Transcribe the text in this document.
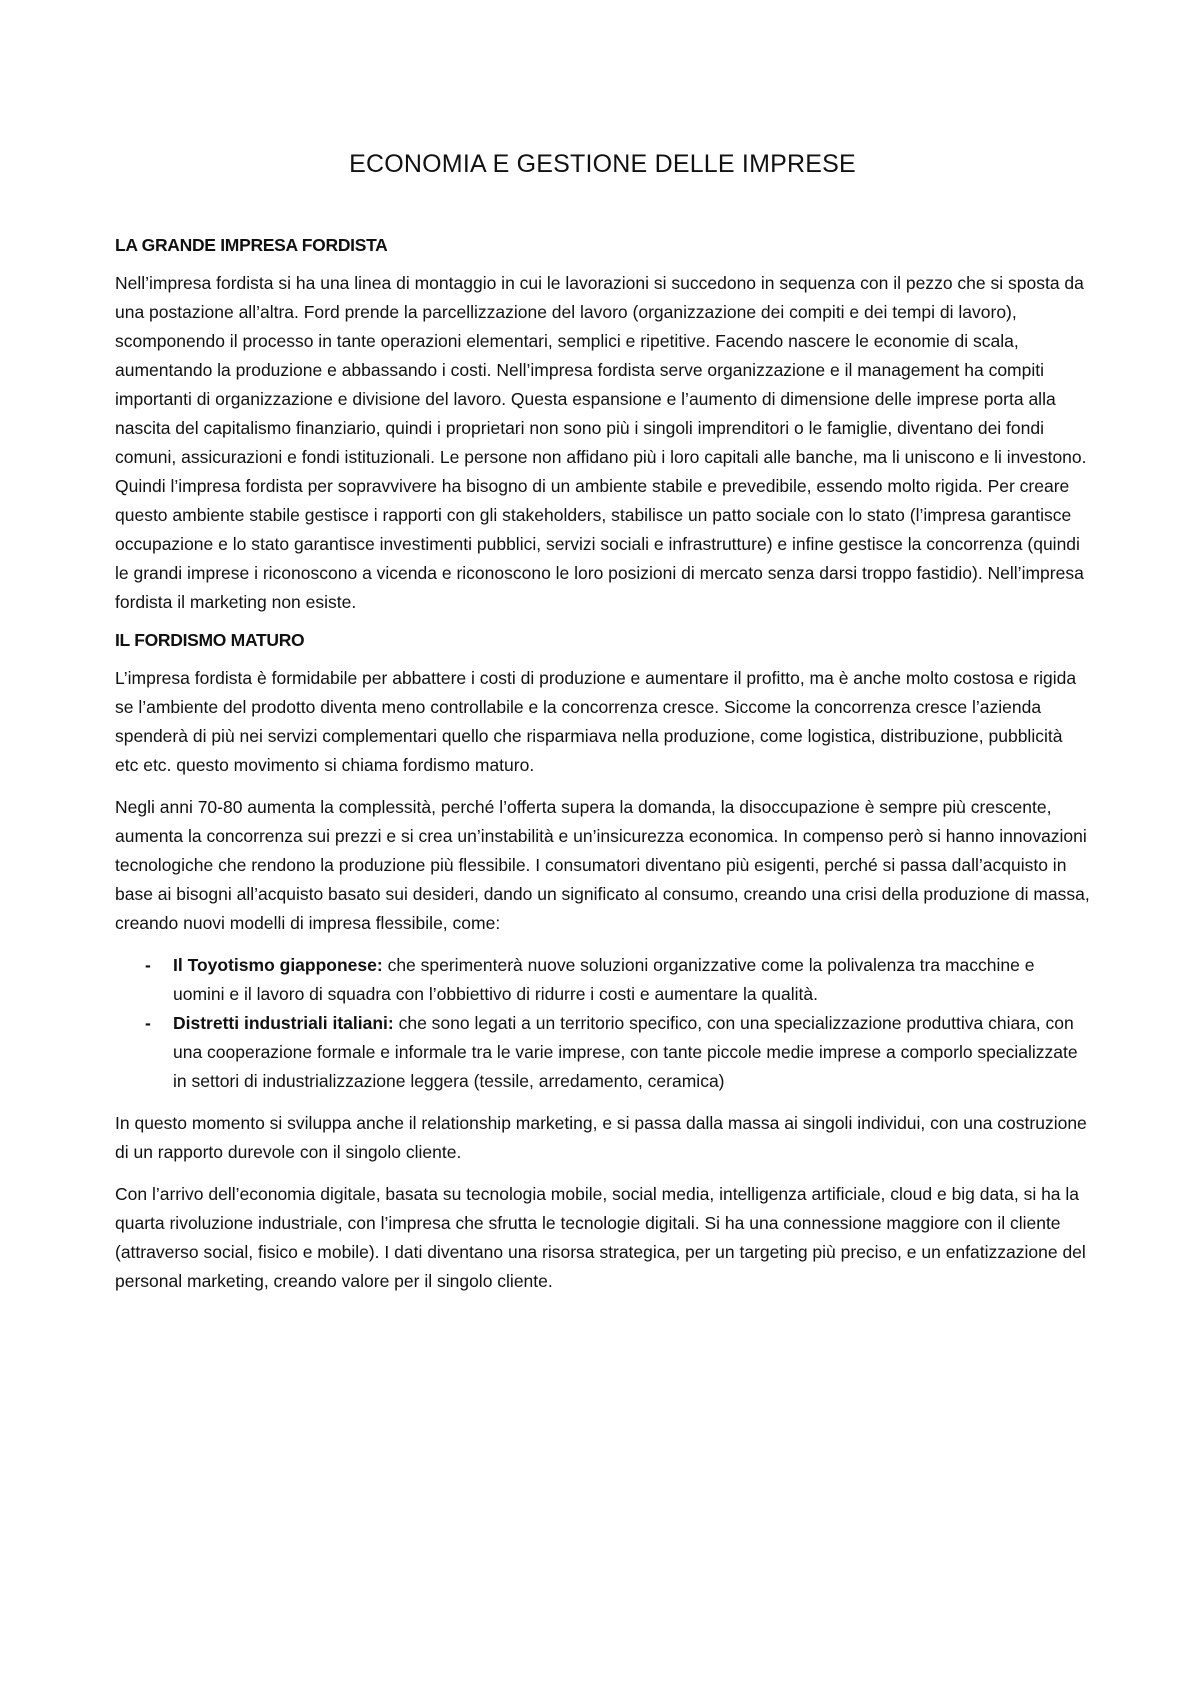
ECONOMIA E GESTIONE DELLE IMPRESE
LA GRANDE IMPRESA FORDISTA

Nell’impresa fordista si ha una linea di montaggio in cui le lavorazioni si succedono in sequenza con il pezzo che si sposta da una postazione all’altra. Ford prende la parcellizzazione del lavoro (organizzazione dei compiti e dei tempi di lavoro), scomponendo il processo in tante operazioni elementari, semplici e ripetitive. Facendo nascere le economie di scala, aumentando la produzione e abbassando i costi. Nell’impresa fordista serve organizzazione e il management ha compiti importanti di organizzazione e divisione del lavoro. Questa espansione e l’aumento di dimensione delle imprese porta alla nascita del capitalismo finanziario, quindi i proprietari non sono più i singoli imprenditori o le famiglie, diventano dei fondi comuni, assicurazioni e fondi istituzionali. Le persone non affidano più i loro capitali alle banche, ma li uniscono e li investono. Quindi l’impresa fordista per sopravvivere ha bisogno di un ambiente stabile e prevedibile, essendo molto rigida. Per creare questo ambiente stabile gestisce i rapporti con gli stakeholders, stabilisce un patto sociale con lo stato (l’impresa garantisce occupazione e lo stato garantisce investimenti pubblici, servizi sociali e infrastrutture) e infine gestisce la concorrenza (quindi le grandi imprese i riconoscono a vicenda e riconoscono le loro posizioni di mercato senza darsi troppo fastidio). Nell’impresa fordista il marketing non esiste.

IL FORDISMO MATURO

L’impresa fordista è formidabile per abbattere i costi di produzione e aumentare il profitto, ma è anche molto costosa e rigida se l’ambiente del prodotto diventa meno controllabile e la concorrenza cresce. Siccome la concorrenza cresce l’azienda spenderà di più nei servizi complementari quello che risparmiava nella produzione, come logistica, distribuzione, pubblicità etc etc. questo movimento si chiama fordismo maturo.

Negli anni 70-80 aumenta la complessità, perché l’offerta supera la domanda, la disoccupazione è sempre più crescente, aumenta la concorrenza sui prezzi e si crea un’instabilità e un’insicurezza economica. In compenso però si hanno innovazioni tecnologiche che rendono la produzione più flessibile. I consumatori diventano più esigenti, perché si passa dall’acquisto in base ai bisogni all’acquisto basato sui desideri, dando un significato al consumo, creando una crisi della produzione di massa, creando nuovi modelli di impresa flessibile, come:

- Il Toyotismo giapponese: che sperimenterà nuove soluzioni organizzative come la polivalenza tra macchine e uomini e il lavoro di squadra con l’obbiettivo di ridurre i costi e aumentare la qualità.
- Distretti industriali italiani: che sono legati a un territorio specifico, con una specializzazione produttiva chiara, con una cooperazione formale e informale tra le varie imprese, con tante piccole medie imprese a comporlo specializzate in settori di industrializzazione leggera (tessile, arredamento, ceramica)

In questo momento si sviluppa anche il relationship marketing, e si passa dalla massa ai singoli individui, con una costruzione di un rapporto durevole con il singolo cliente.

Con l’arrivo dell’economia digitale, basata su tecnologia mobile, social media, intelligenza artificiale, cloud e big data, si ha la quarta rivoluzione industriale, con l’impresa che sfrutta le tecnologie digitali. Si ha una connessione maggiore con il cliente (attraverso social, fisico e mobile). I dati diventano una risorsa strategica, per un targeting più preciso, e un enfatizzazione del personal marketing, creando valore per il singolo cliente.
